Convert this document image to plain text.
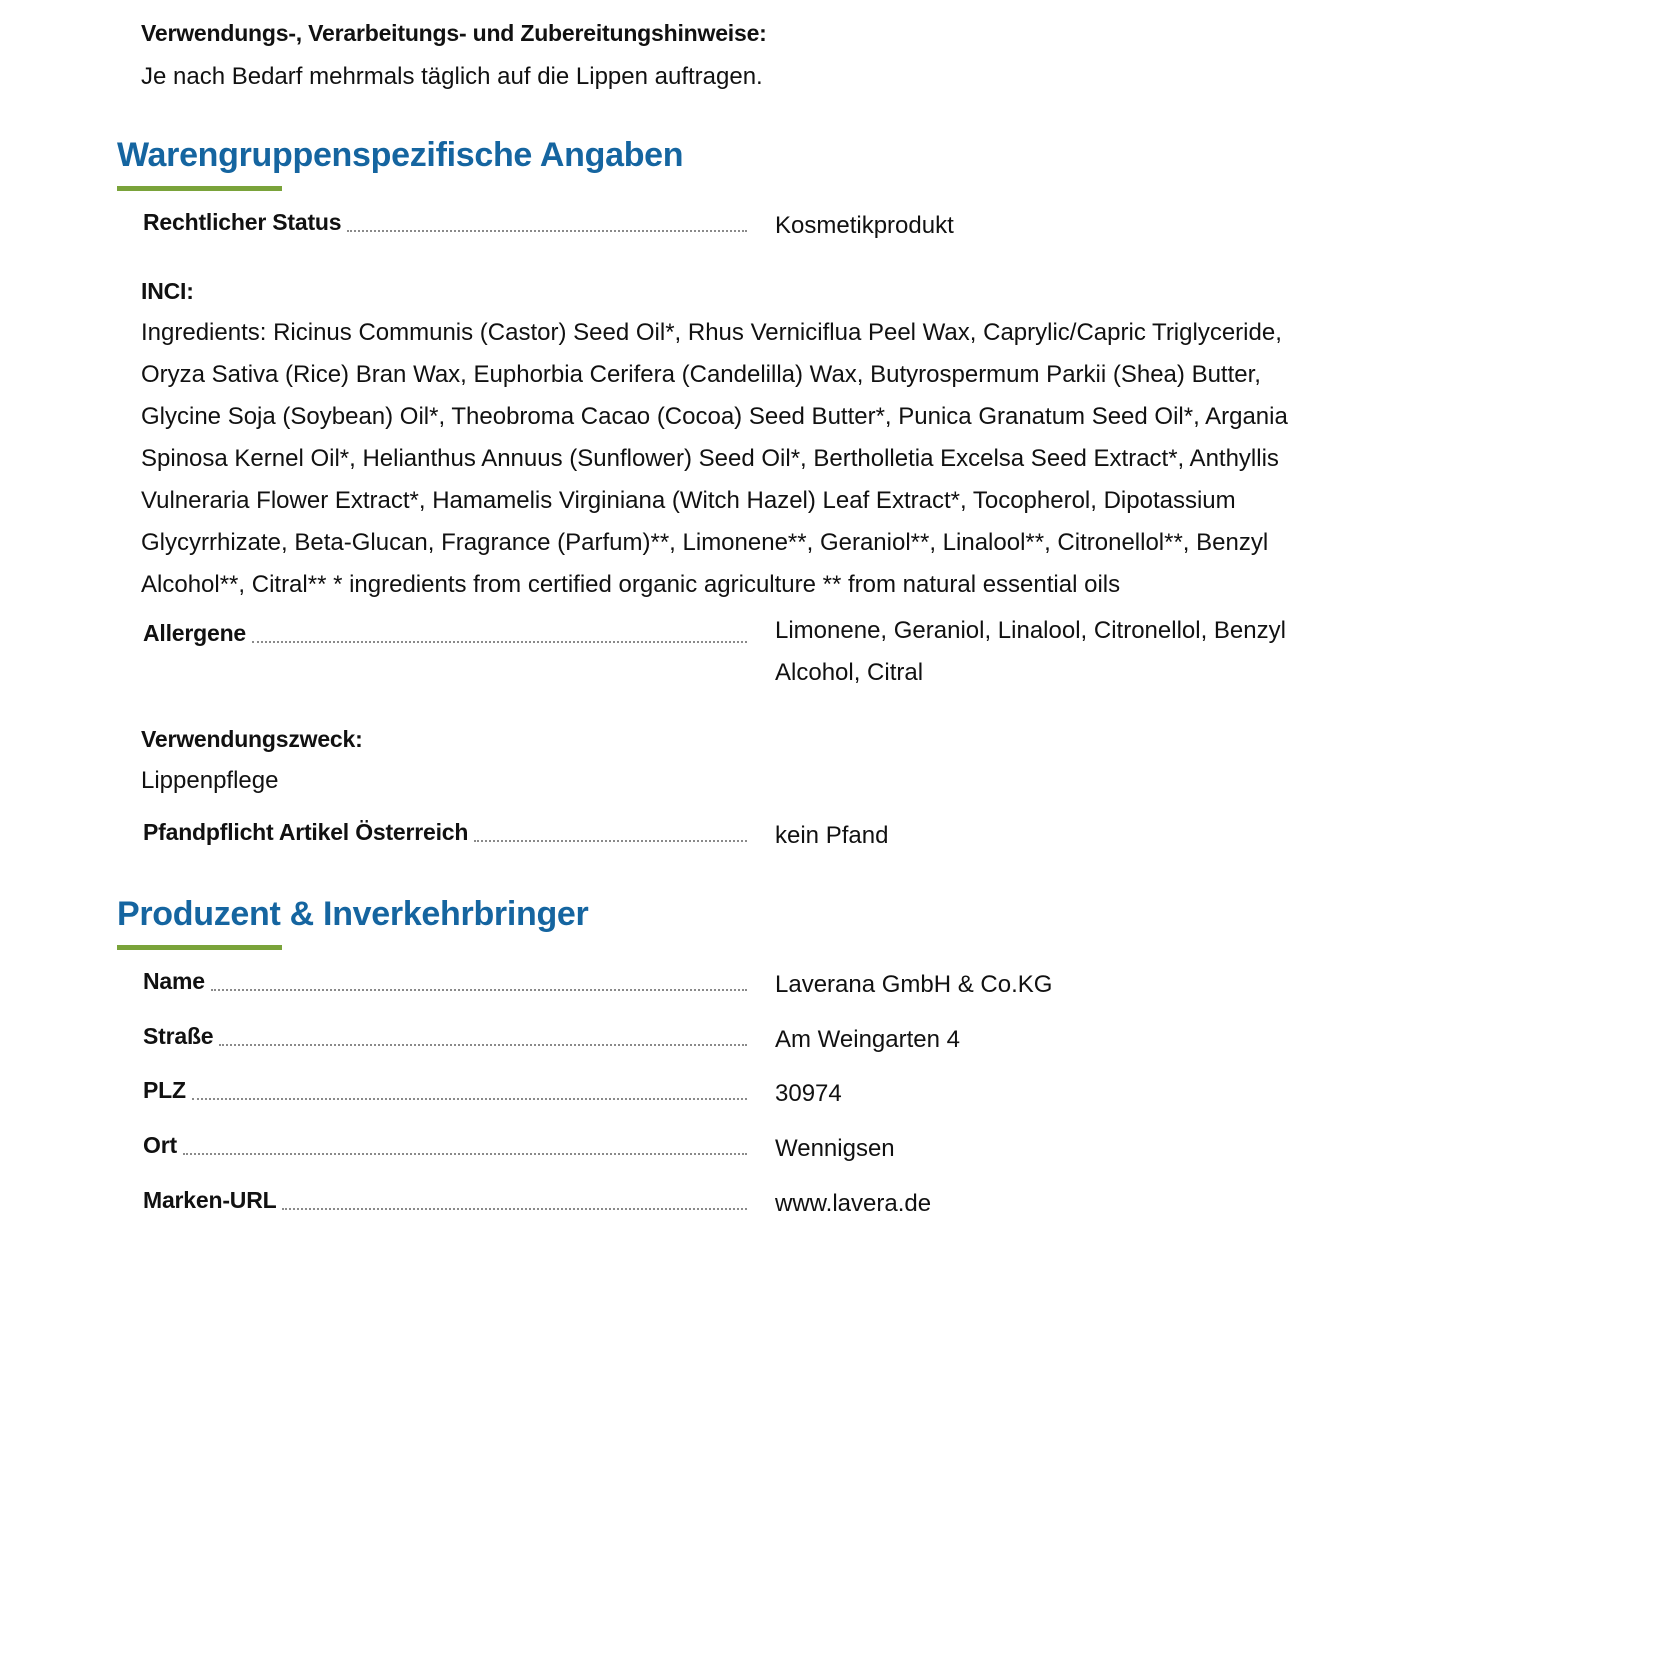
Verwendungs-, Verarbeitungs- und Zubereitungshinweise:
Je nach Bedarf mehrmals täglich auf die Lippen auftragen.
Warengruppenspezifische Angaben
Rechtlicher Status	Kosmetikprodukt
INCI:
Ingredients: Ricinus Communis (Castor) Seed Oil*, Rhus Verniciflua Peel Wax, Caprylic/Capric Triglyceride,
Oryza Sativa (Rice) Bran Wax, Euphorbia Cerifera (Candelilla) Wax, Butyrospermum Parkii (Shea) Butter,
Glycine Soja (Soybean) Oil*, Theobroma Cacao (Cocoa) Seed Butter*, Punica Granatum Seed Oil*, Argania
Spinosa Kernel Oil*, Helianthus Annuus (Sunflower) Seed Oil*, Bertholletia Excelsa Seed Extract*, Anthyllis
Vulneraria Flower Extract*, Hamamelis Virginiana (Witch Hazel) Leaf Extract*, Tocopherol, Dipotassium
Glycyrrhizate, Beta-Glucan, Fragrance (Parfum)**, Limonene**, Geraniol**, Linalool**, Citronellol**, Benzyl
Alcohol**, Citral** * ingredients from certified organic agriculture ** from natural essential oils
Allergene	Limonene, Geraniol, Linalool, Citronellol, Benzyl
Alcohol, Citral
Verwendungszweck:
Lippenpflege
Pfandpflicht Artikel Österreich	kein Pfand
Produzent & Inverkehrbringer
Name	Laverana GmbH & Co.KG
Straße	Am Weingarten 4
PLZ	30974
Ort	Wennigsen
Marken-URL	www.lavera.de
